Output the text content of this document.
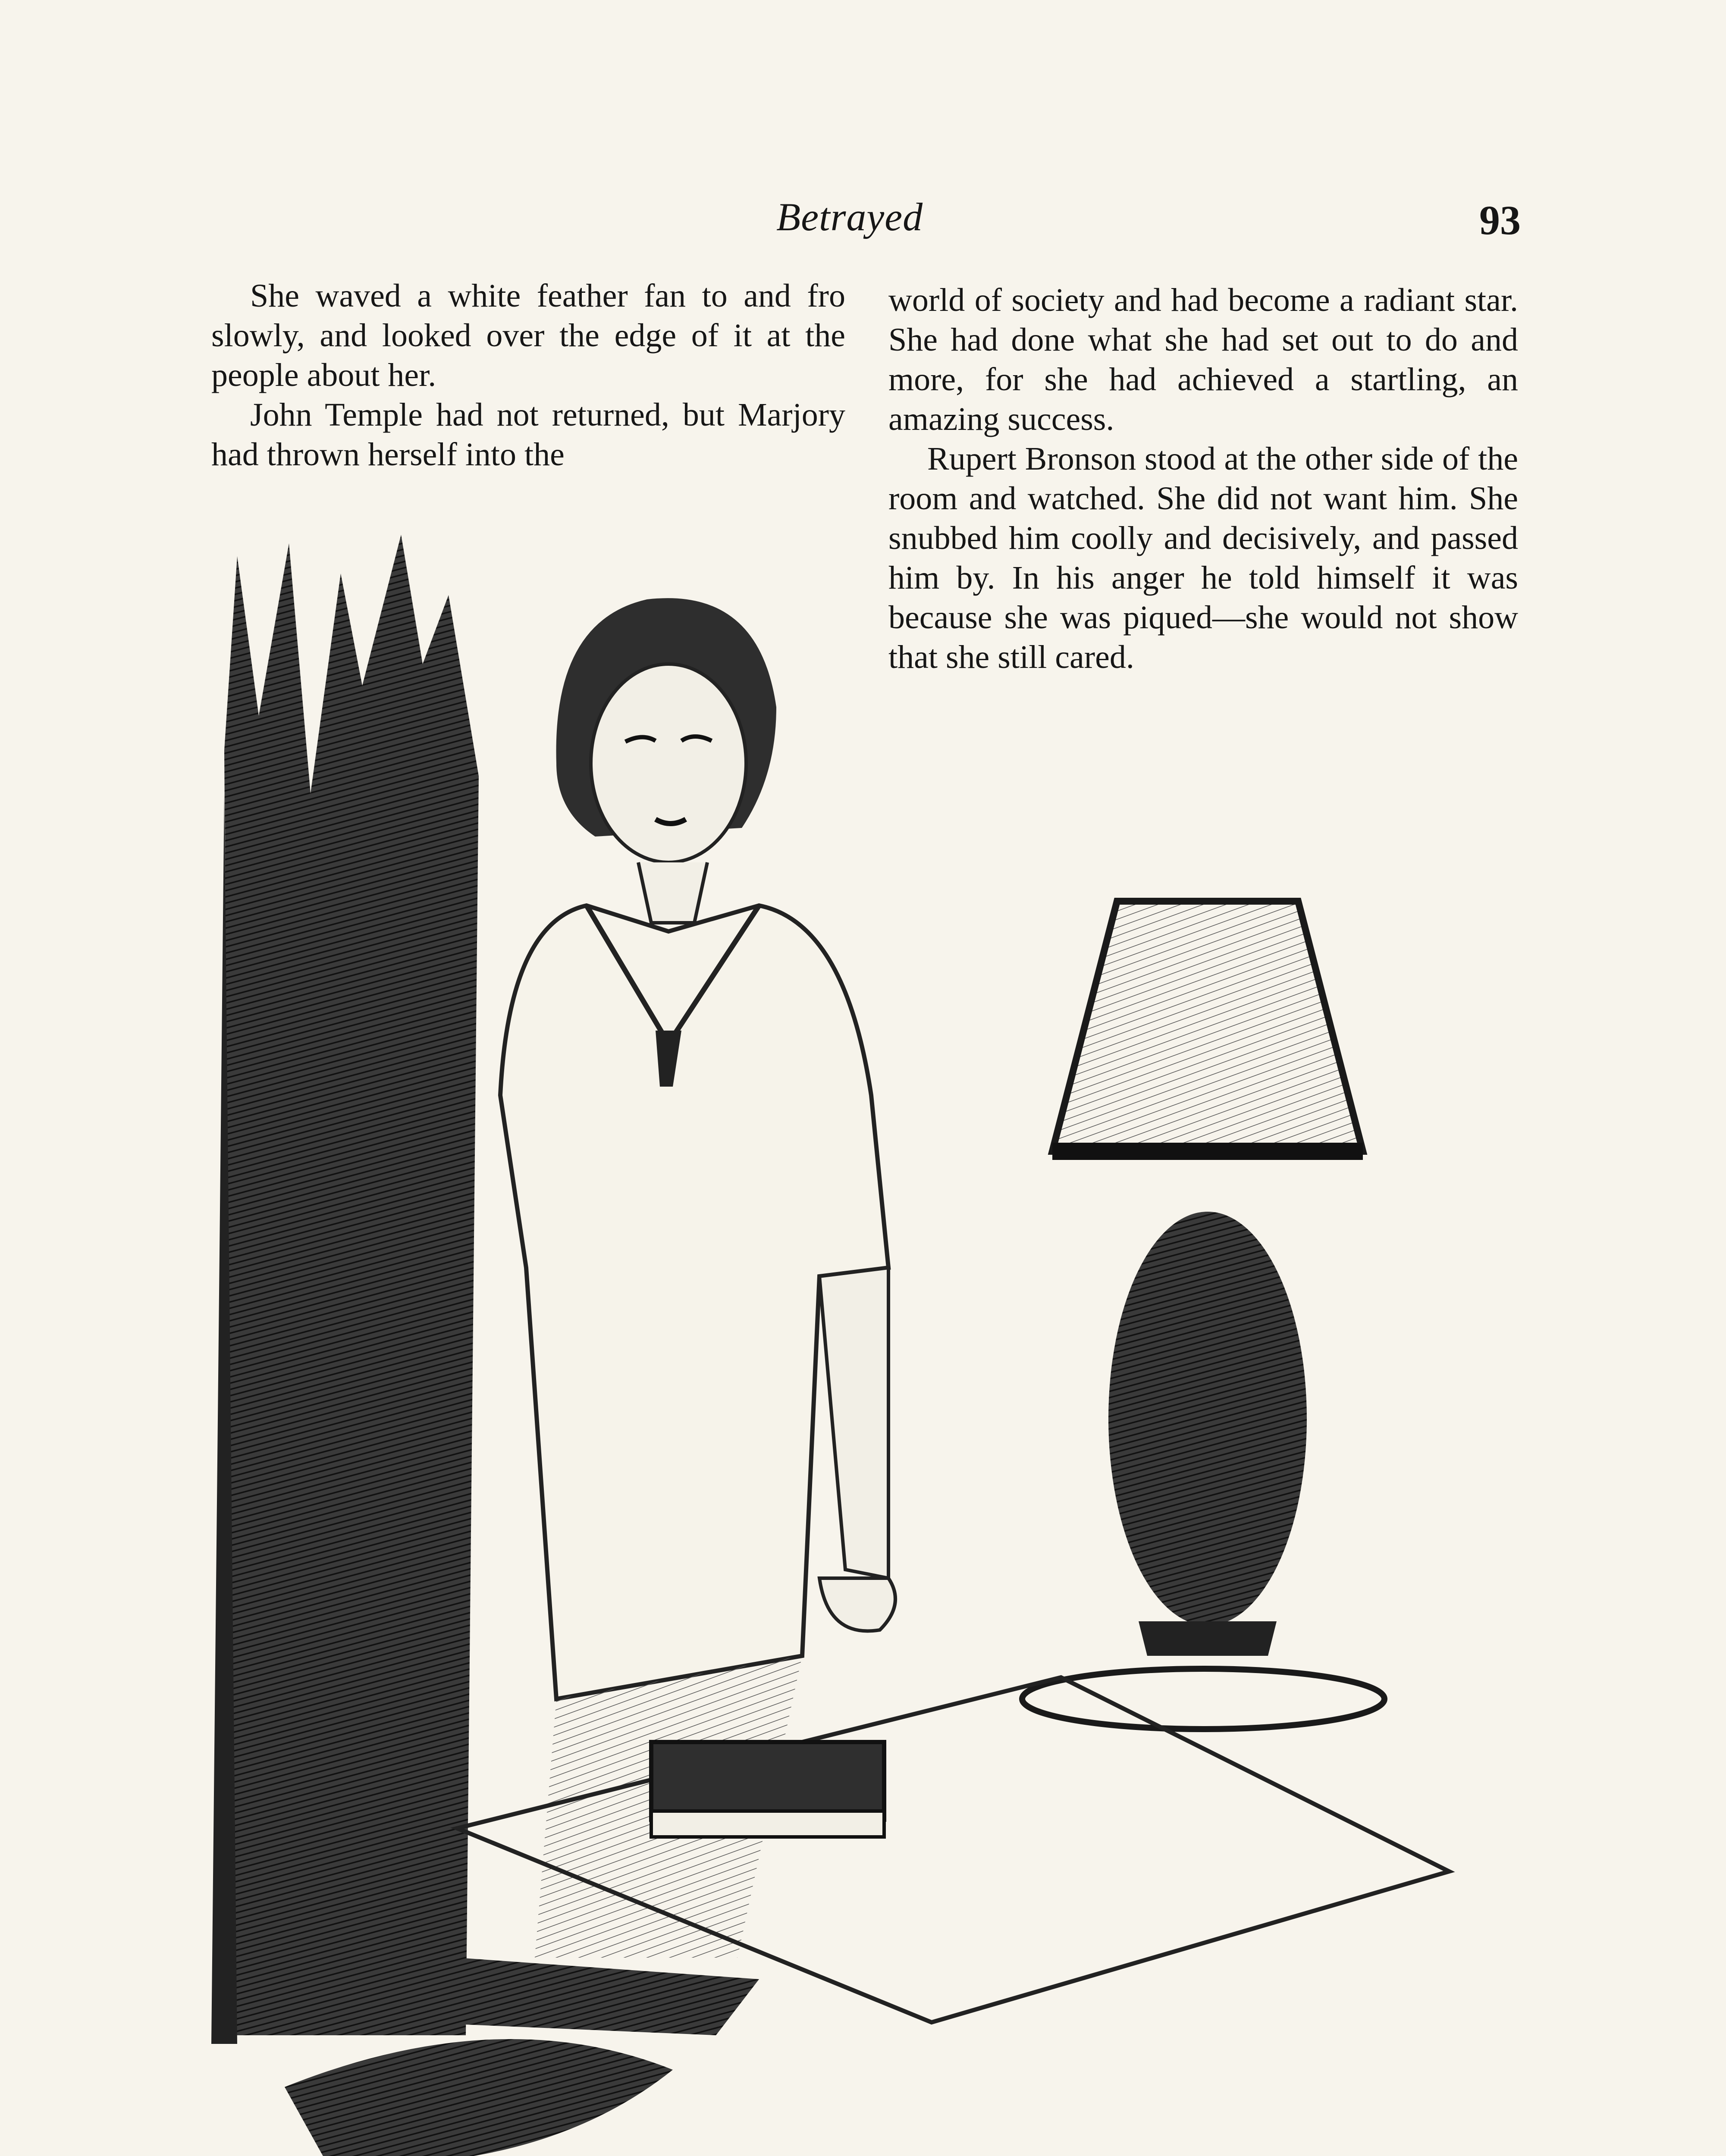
Betrayed	93

She waved a white feather fan to and fro slowly, and looked over the edge of it at the people about her.

John Temple had not returned, but Marjory had thrown herself into the

world of society and had become a radiant star. She had done what she had set out to do and more, for she had achieved a startling, an amazing success.

Rupert Bronson stood at the other side of the room and watched. She did not want him. She snubbed him coolly and decisively, and passed him by. In his anger he told himself it was because she was piqued—she would not show that she still cared.
